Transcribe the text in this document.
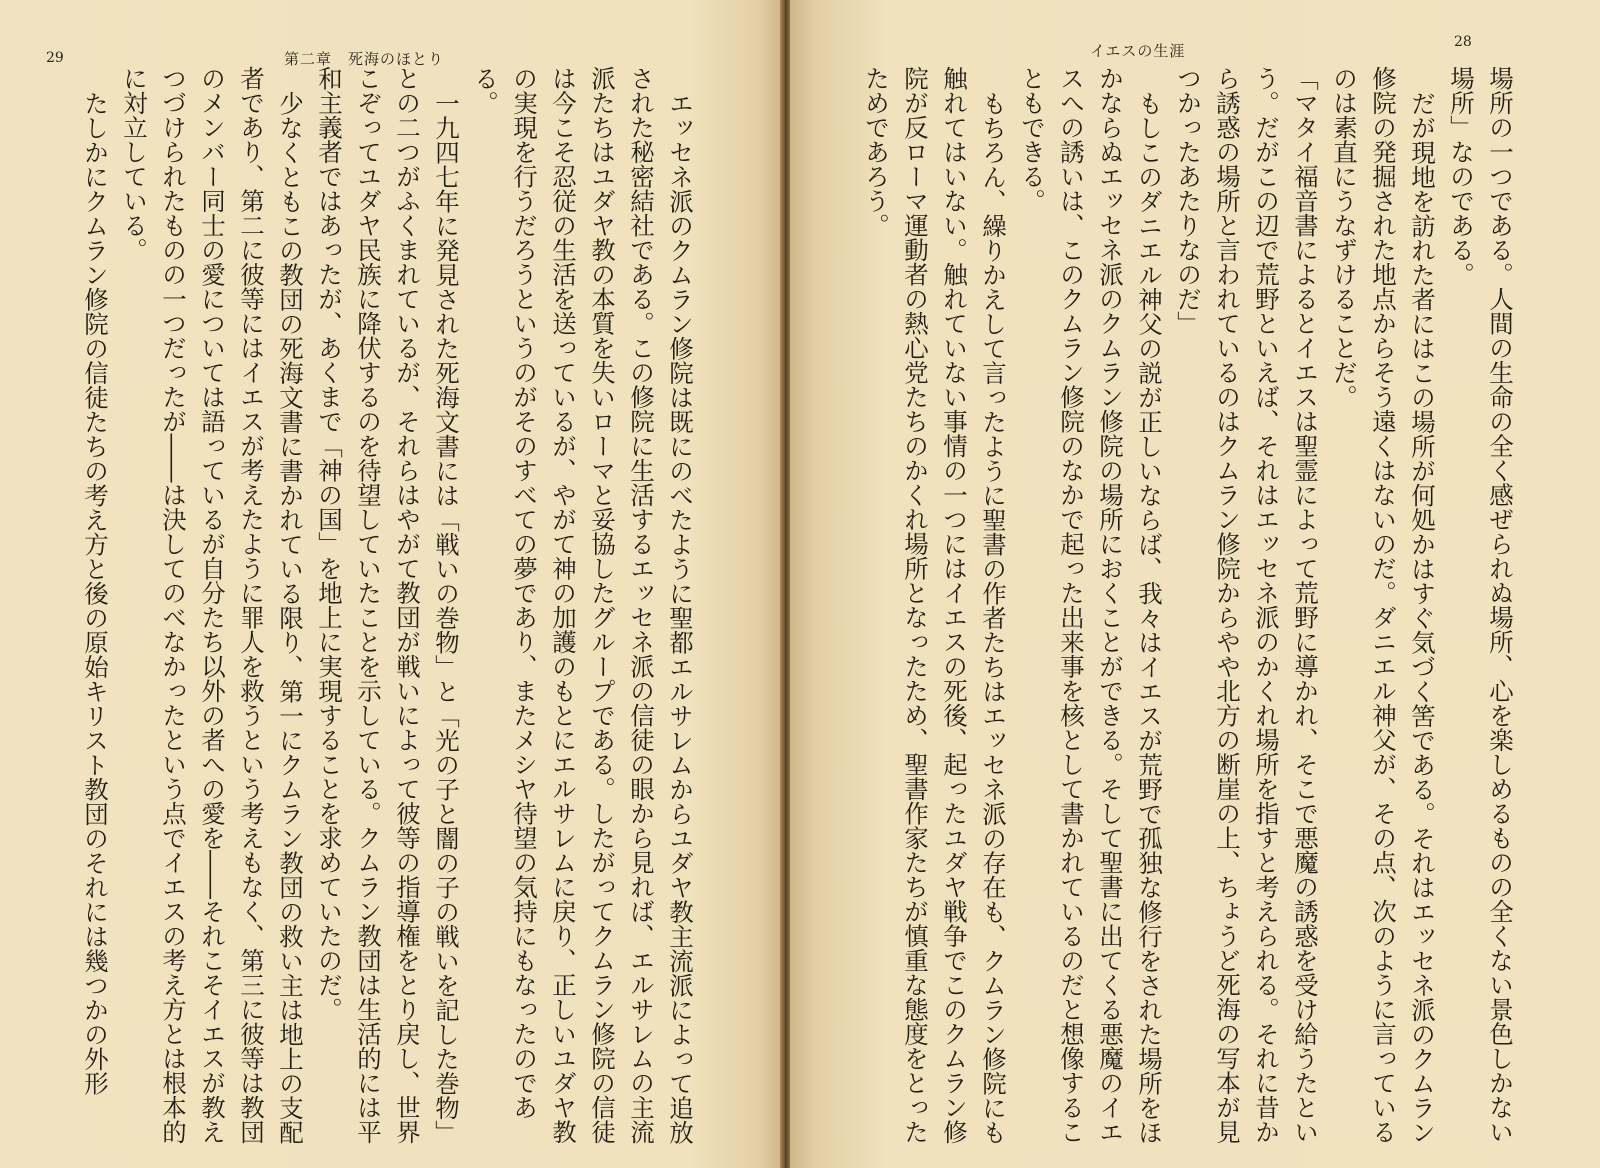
29	第二章　死海のほとり

エッセネ派のクムラン修院は既にのべたように聖都エルサレムからユダヤ教主流派によって追放された秘密結社である。この修院に生活するエッセネ派の信徒の眼から見れば、エルサレムの主流派たちはユダヤ教の本質を失いローマと妥協したグループである。したがってクムラン修院の信徒は今こそ忍従の生活を送っているが、やがて神の加護のもとにエルサレムに戻り、正しいユダヤ教の実現を行うだろうというのがそのすべての夢であり、またメシヤ待望の気持にもなったのである。

一九四七年に発見された死海文書には「戦いの巻物」と「光の子と闇の子の戦いを記した巻物」との二つがふくまれているが、それらはやがて教団が戦いによって彼等の指導権をとり戻し、世界こぞってユダヤ民族に降伏するのを待望していたことを示している。クムラン教団は生活的には平和主義者ではあったが、あくまで「神の国」を地上に実現することを求めていたのだ。

少なくともこの教団の死海文書に書かれている限り、第一にクムラン教団の救い主は地上の支配者であり、第二に彼等にはイエスが考えたように罪人を救うという考えもなく、第三に彼等は教団のメンバー同士の愛については語っているが自分たち以外の者への愛を――それこそイエスが教えつづけられたものの一つだったが――は決してのべなかったという点でイエスの考え方とは根本的に対立している。

たしかにクムラン修院の信徒たちの考え方と後の原始キリスト教団のそれには幾つかの外形

28
イエスの生涯

場所の一つである。人間の生命の全く感ぜられぬ場所、心を楽しめるものの全くない景色しかない場所」なのである。

だが現地を訪れた者にはこの場所が何処かはすぐ気づく筈である。それはエッセネ派のクムラン修院の発掘された地点からそう遠くはないのだ。ダニエル神父が、その点、次のように言っているのは素直にうなずけることだ。

「マタイ福音書によるとイエスは聖霊によって荒野に導かれ、そこで悪魔の誘惑を受け給うたという。だがこの辺で荒野といえば、それはエッセネ派のかくれ場所を指すと考えられる。それに昔から誘惑の場所と言われているのはクムラン修院からやや北方の断崖の上、ちょうど死海の写本が見つかったあたりなのだ」

もしこのダニエル神父の説が正しいならば、我々はイエスが荒野で孤独な修行をされた場所をほかならぬエッセネ派のクムラン修院の場所におくことができる。そして聖書に出てくる悪魔のイエスへの誘いは、このクムラン修院のなかで起った出来事を核として書かれているのだと想像することもできる。

もちろん、繰りかえして言ったように聖書の作者たちはエッセネ派の存在も、クムラン修院にも触れてはいない。触れていない事情の一つにはイエスの死後、起ったユダヤ戦争でこのクムラン修院が反ローマ運動者の熱心党たちのかくれ場所となったため、聖書作家たちが慎重な態度をとったためであろう。
